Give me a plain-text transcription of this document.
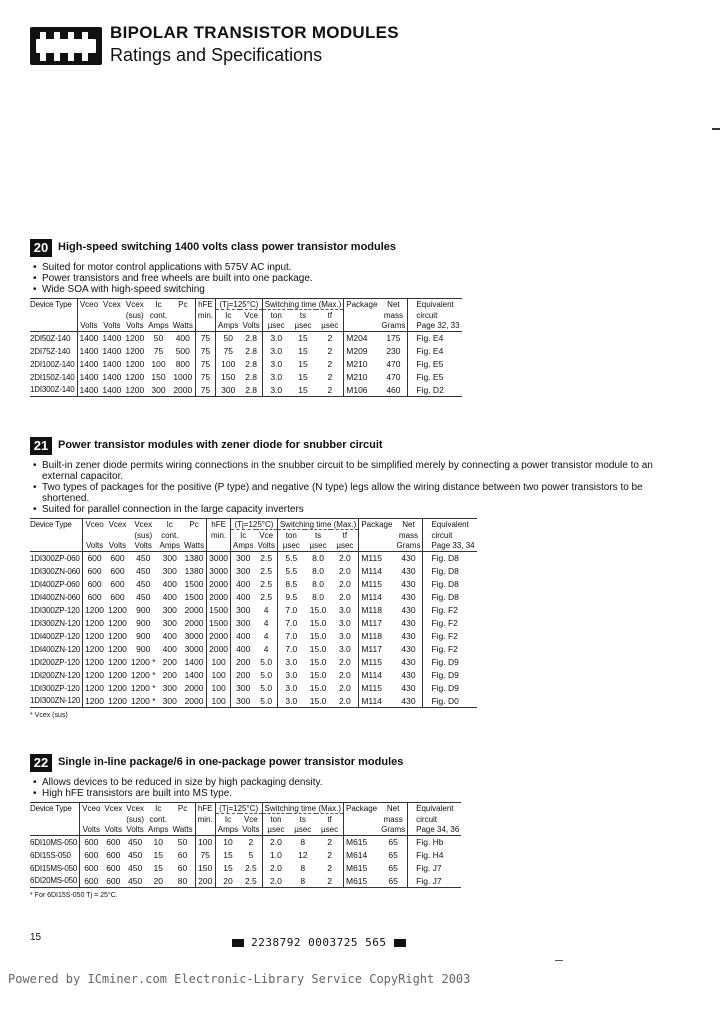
BIPOLAR TRANSISTOR MODULES
Ratings and Specifications
20 High-speed switching 1400 volts class power transistor modules
• Suited for motor control applications with 575V AC input.
• Power transistors and free wheels are built into one package.
• Wide SOA with high-speed switching
Device Type	Vceo	Vcex	Vcex	Ic	Pc	hFE	(Tj=125°C)		Switching time (Max.)			Package	Net	Equivalent
			(sus)	cont.		min.	Ic	Vce	ton	ts	tf		mass	circuit
	Volts	Volts	Volts	Amps	Watts		Amps	Volts	µsec	µsec	µsec		Grams	Page 32, 33
2DI50Z-140	1400	1400	1200	50	400	75	50	2.8	3.0	15	2	M204	175	Fig. E4
2DI75Z-140	1400	1400	1200	75	500	75	75	2.8	3.0	15	2	M209	230	Fig. E4
2DI100Z-140	1400	1400	1200	100	800	75	100	2.8	3.0	15	2	M210	470	Fig. E5
2DI150Z-140	1400	1400	1200	150	1000	75	150	2.8	3.0	15	2	M210	470	Fig. E5
1DI300Z-140	1400	1400	1200	300	2000	75	300	2.8	3.0	15	2	M106	460	Fig. D2
21 Power transistor modules with zener diode for snubber circuit
• Built-in zener diode permits wiring connections in the snubber circuit to be simplified merely by connecting a power transistor module to an external capacitor.
• Two types of packages for the positive (P type) and negative (N type) legs allow the wiring distance between two power transistors to be shortened.
• Suited for parallel connection in the large capacity inverters
Device Type	Vceo	Vcex	Vcex	Ic	Pc	hFE	(Tj=125°C)		Switching time (Max.)			Package	Net	Equivalent
			(sus)	cont.		min.	Ic	Vce	ton	ts	tf		mass	circuit
	Volts	Volts	Volts	Amps	Watts		Amps	Volts	µsec	µsec	µsec		Grams	Page 33, 34
1DI300ZP-060	600	600	450	300	1380	3000	300	2.5	5.5	8.0	2.0	M115	430	Fig. D8
1DI300ZN-060	600	600	450	300	1380	3000	300	2.5	5.5	8.0	2.0	M114	430	Fig. D8
1DI400ZP-060	600	600	450	400	1500	2000	400	2.5	8.5	8.0	2.0	M115	430	Fig. D8
1DI400ZN-060	600	600	450	400	1500	2000	400	2.5	9.5	8.0	2.0	M114	430	Fig. D8
1DI300ZP-120	1200	1200	900	300	2000	1500	300	4	7.0	15.0	3.0	M118	430	Fig. F2
1DI300ZN-120	1200	1200	900	300	2000	1500	300	4	7.0	15.0	3.0	M117	430	Fig. F2
1DI400ZP-120	1200	1200	900	400	3000	2000	400	4	7.0	15.0	3.0	M118	430	Fig. F2
1DI400ZN-120	1200	1200	900	400	3000	2000	400	4	7.0	15.0	3.0	M117	430	Fig. F2
1DI200ZP-120	1200	1200	1200 *	200	1400	100	200	5.0	3.0	15.0	2.0	M115	430	Fig. D9
1DI200ZN-120	1200	1200	1200 *	200	1400	100	200	5.0	3.0	15.0	2.0	M114	430	Fig. D9
1DI300ZP-120	1200	1200	1200 *	300	2000	100	300	5.0	3.0	15.0	2.0	M115	430	Fig. D9
1DI300ZN-120	1200	1200	1200 *	300	2000	100	300	5.0	3.0	15.0	2.0	M114	430	Fig. D0
* Vcex (sus)
22 Single in-line package/6 in one-package power transistor modules
• Allows devices to be reduced in size by high packaging density.
• High hFE transistors are built into MS type.
Device Type	Vceo	Vcex	Vcex	Ic	Pc	hFE	(Tj=125°C)		Switching time (Max.)			Package	Net	Equivalent
			(sus)	cont.		min.	Ic	Vce	ton	ts	tf		mass	circuit
	Volts	Volts	Volts	Amps	Watts		Amps	Volts	µsec	µsec	µsec		Grams	Page 34, 36
6DI10MS-050	600	600	450	10	50	100	10	2	2.0	8	2	M615	65	Fig. Hb
6DI15S-050	600	600	450	15	60	75	15	5	1.0	12	2	M614	65	Fig. H4
6DI15MS-050	600	600	450	15	60	150	15	2.5	2.0	8	2	M615	65	Fig. J7
6DI20MS-050	600	600	450	20	80	200	20	2.5	2.0	8	2	M615	65	Fig. J7
* For 6DI15S-050 Tj = 25°C.
15	2238792 0003725 565
Powered by ICminer.com Electronic-Library Service CopyRight 2003
